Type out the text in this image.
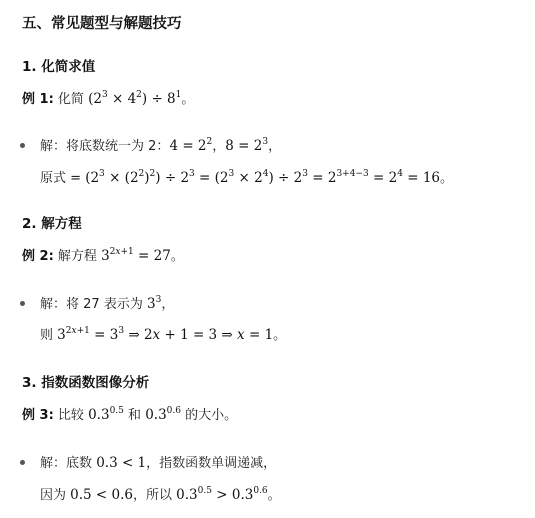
五、常见题型与解题技巧
1. 化简求值
例 1: 化简 $(2^3 \times 4^2) \div 8^1$。
解：将底数统一为 2：$4 = 2^2$，$8 = 2^3$，
原式 = $(2^3 \times (2^2)^2) \div 2^3 = (2^3 \times 2^4) \div 2^3 = 2^{3+4-3} = 2^4 = 16$。
2. 解方程
例 2: 解方程 $3^{2x+1} = 27$。
解：将 27 表示为 $3^3$，
则 $3^{2x+1} = 3^3$ ⇒ 2x + 1 = 3 ⇒ x = 1。
3. 指数函数图像分析
例 3: 比较 $0.3^{0.5}$ 和 $0.3^{0.6}$ 的大小。
解：底数 0.3 < 1，指数函数单调递减，
因为 0.5 < 0.6，所以 $0.3^{0.5} > 0.3^{0.6}$。
